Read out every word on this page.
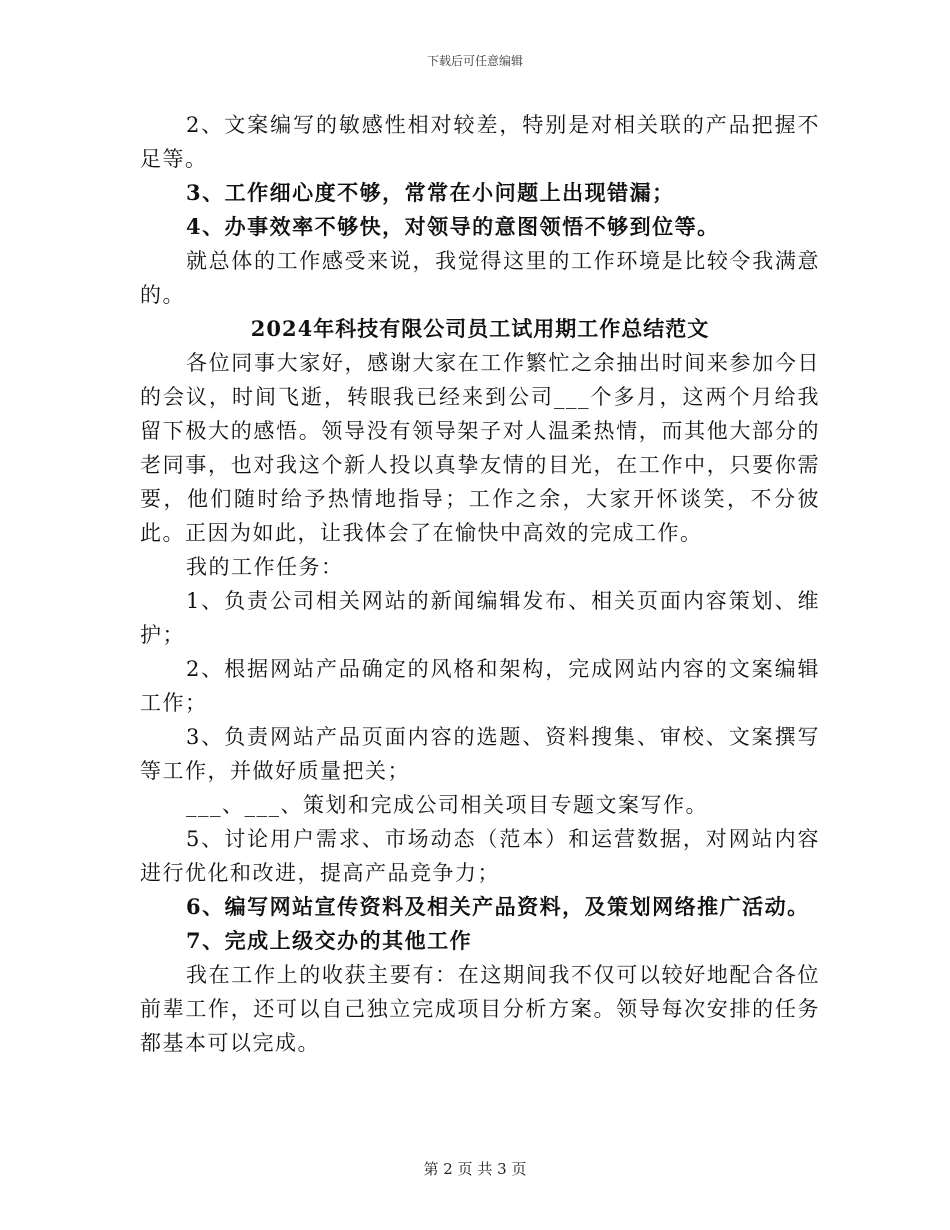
下载后可任意编辑

2、文案编写的敏感性相对较差，特别是对相关联的产品把握不足等。

3、工作细心度不够，常常在小问题上出现错漏；

4、办事效率不够快，对领导的意图领悟不够到位等。

就总体的工作感受来说，我觉得这里的工作环境是比较令我满意的。

2024年科技有限公司员工试用期工作总结范文

各位同事大家好，感谢大家在工作繁忙之余抽出时间来参加今日的会议，时间飞逝，转眼我已经来到公司___个多月，这两个月给我留下极大的感悟。领导没有领导架子对人温柔热情，而其他大部分的老同事，也对我这个新人投以真挚友情的目光，在工作中，只要你需要，他们随时给予热情地指导；工作之余，大家开怀谈笑，不分彼此。正因为如此，让我体会了在愉快中高效的完成工作。

我的工作任务：

1、负责公司相关网站的新闻编辑发布、相关页面内容策划、维护；

2、根据网站产品确定的风格和架构，完成网站内容的文案编辑工作；

3、负责网站产品页面内容的选题、资料搜集、审校、文案撰写等工作，并做好质量把关；

___、___、策划和完成公司相关项目专题文案写作。

5、讨论用户需求、市场动态（范本）和运营数据，对网站内容进行优化和改进，提高产品竞争力；

6、编写网站宣传资料及相关产品资料，及策划网络推广活动。

7、完成上级交办的其他工作

我在工作上的收获主要有：在这期间我不仅可以较好地配合各位前辈工作，还可以自己独立完成项目分析方案。领导每次安排的任务都基本可以完成。

第 2 页 共 3 页
